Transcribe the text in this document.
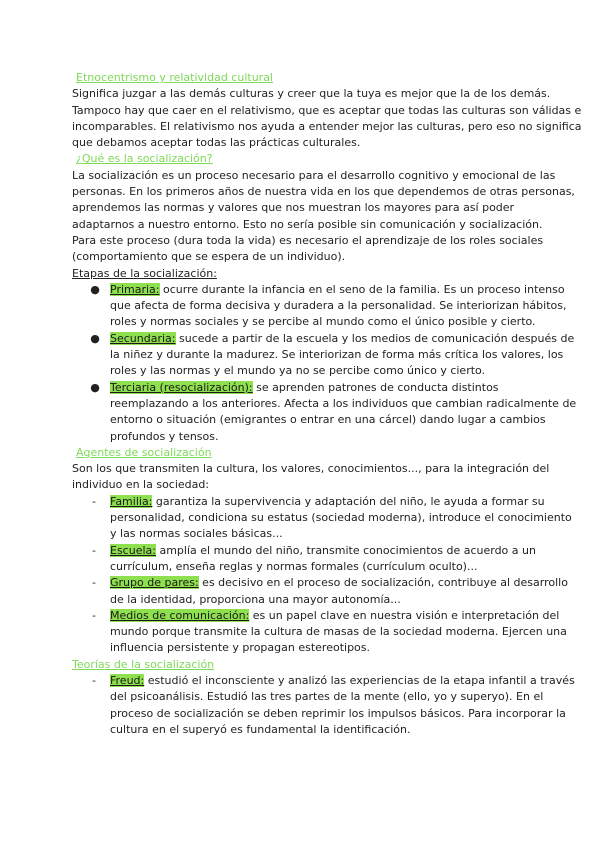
Etnocentrismo y relatividad cultural
Significa juzgar a las demás culturas y creer que la tuya es mejor que la de los demás.
Tampoco hay que caer en el relativismo, que es aceptar que todas las culturas son válidas e
incomparables. El relativismo nos ayuda a entender mejor las culturas, pero eso no significa
que debamos aceptar todas las prácticas culturales.
¿Qué es la socialización?
La socialización es un proceso necesario para el desarrollo cognitivo y emocional de las
personas. En los primeros años de nuestra vida en los que dependemos de otras personas,
aprendemos las normas y valores que nos muestran los mayores para así poder
adaptarnos a nuestro entorno. Esto no sería posible sin comunicación y socialización.
Para este proceso (dura toda la vida) es necesario el aprendizaje de los roles sociales
(comportamiento que se espera de un individuo).
Etapas de la socialización:
● Primaria: ocurre durante la infancia en el seno de la familia. Es un proceso intenso
que afecta de forma decisiva y duradera a la personalidad. Se interiorizan hábitos,
roles y normas sociales y se percibe al mundo como el único posible y cierto.
● Secundaria: sucede a partir de la escuela y los medios de comunicación después de
la niñez y durante la madurez. Se interiorizan de forma más crítica los valores, los
roles y las normas y el mundo ya no se percibe como único y cierto.
● Terciaria (resocialización): se aprenden patrones de conducta distintos
reemplazando a los anteriores. Afecta a los individuos que cambian radicalmente de
entorno o situación (emigrantes o entrar en una cárcel) dando lugar a cambios
profundos y tensos.
Agentes de socialización
Son los que transmiten la cultura, los valores, conocimientos..., para la integración del
individuo en la sociedad:
- Familia: garantiza la supervivencia y adaptación del niño, le ayuda a formar su
personalidad, condiciona su estatus (sociedad moderna), introduce el conocimiento
y las normas sociales básicas...
- Escuela: amplía el mundo del niño, transmite conocimientos de acuerdo a un
currículum, enseña reglas y normas formales (currículum oculto)...
- Grupo de pares: es decisivo en el proceso de socialización, contribuye al desarrollo
de la identidad, proporciona una mayor autonomía...
- Medios de comunicación: es un papel clave en nuestra visión e interpretación del
mundo porque transmite la cultura de masas de la sociedad moderna. Ejercen una
influencia persistente y propagan estereotipos.
Teorías de la socialización
- Freud: estudió el inconsciente y analizó las experiencias de la etapa infantil a través
del psicoanálisis. Estudió las tres partes de la mente (ello, yo y superyo). En el
proceso de socialización se deben reprimir los impulsos básicos. Para incorporar la
cultura en el superyó es fundamental la identificación.
